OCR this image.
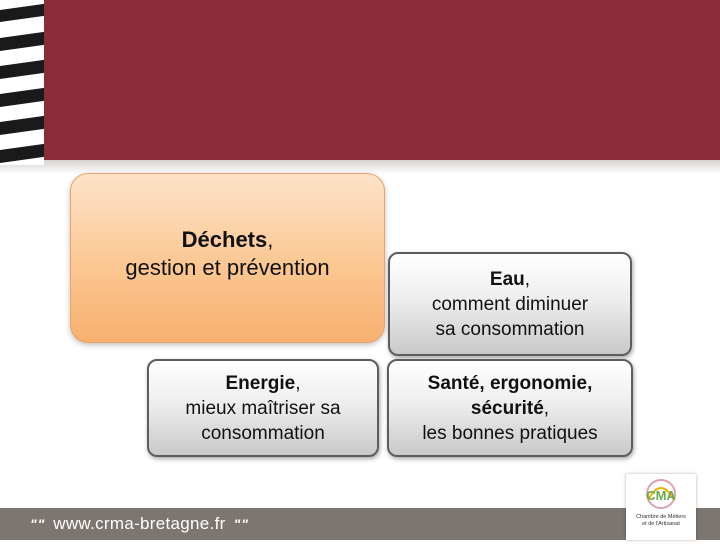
Déchets,
gestion et prévention	Eau,
comment diminuer
sa consommation
Energie,
mieux maîtriser sa
consommation
Santé, ergonomie,
sécurité,
les bonnes pratiques
"" www.crma-bretagne.fr ""
CMA
Chambre de Métiers
et de l'Artisanat
